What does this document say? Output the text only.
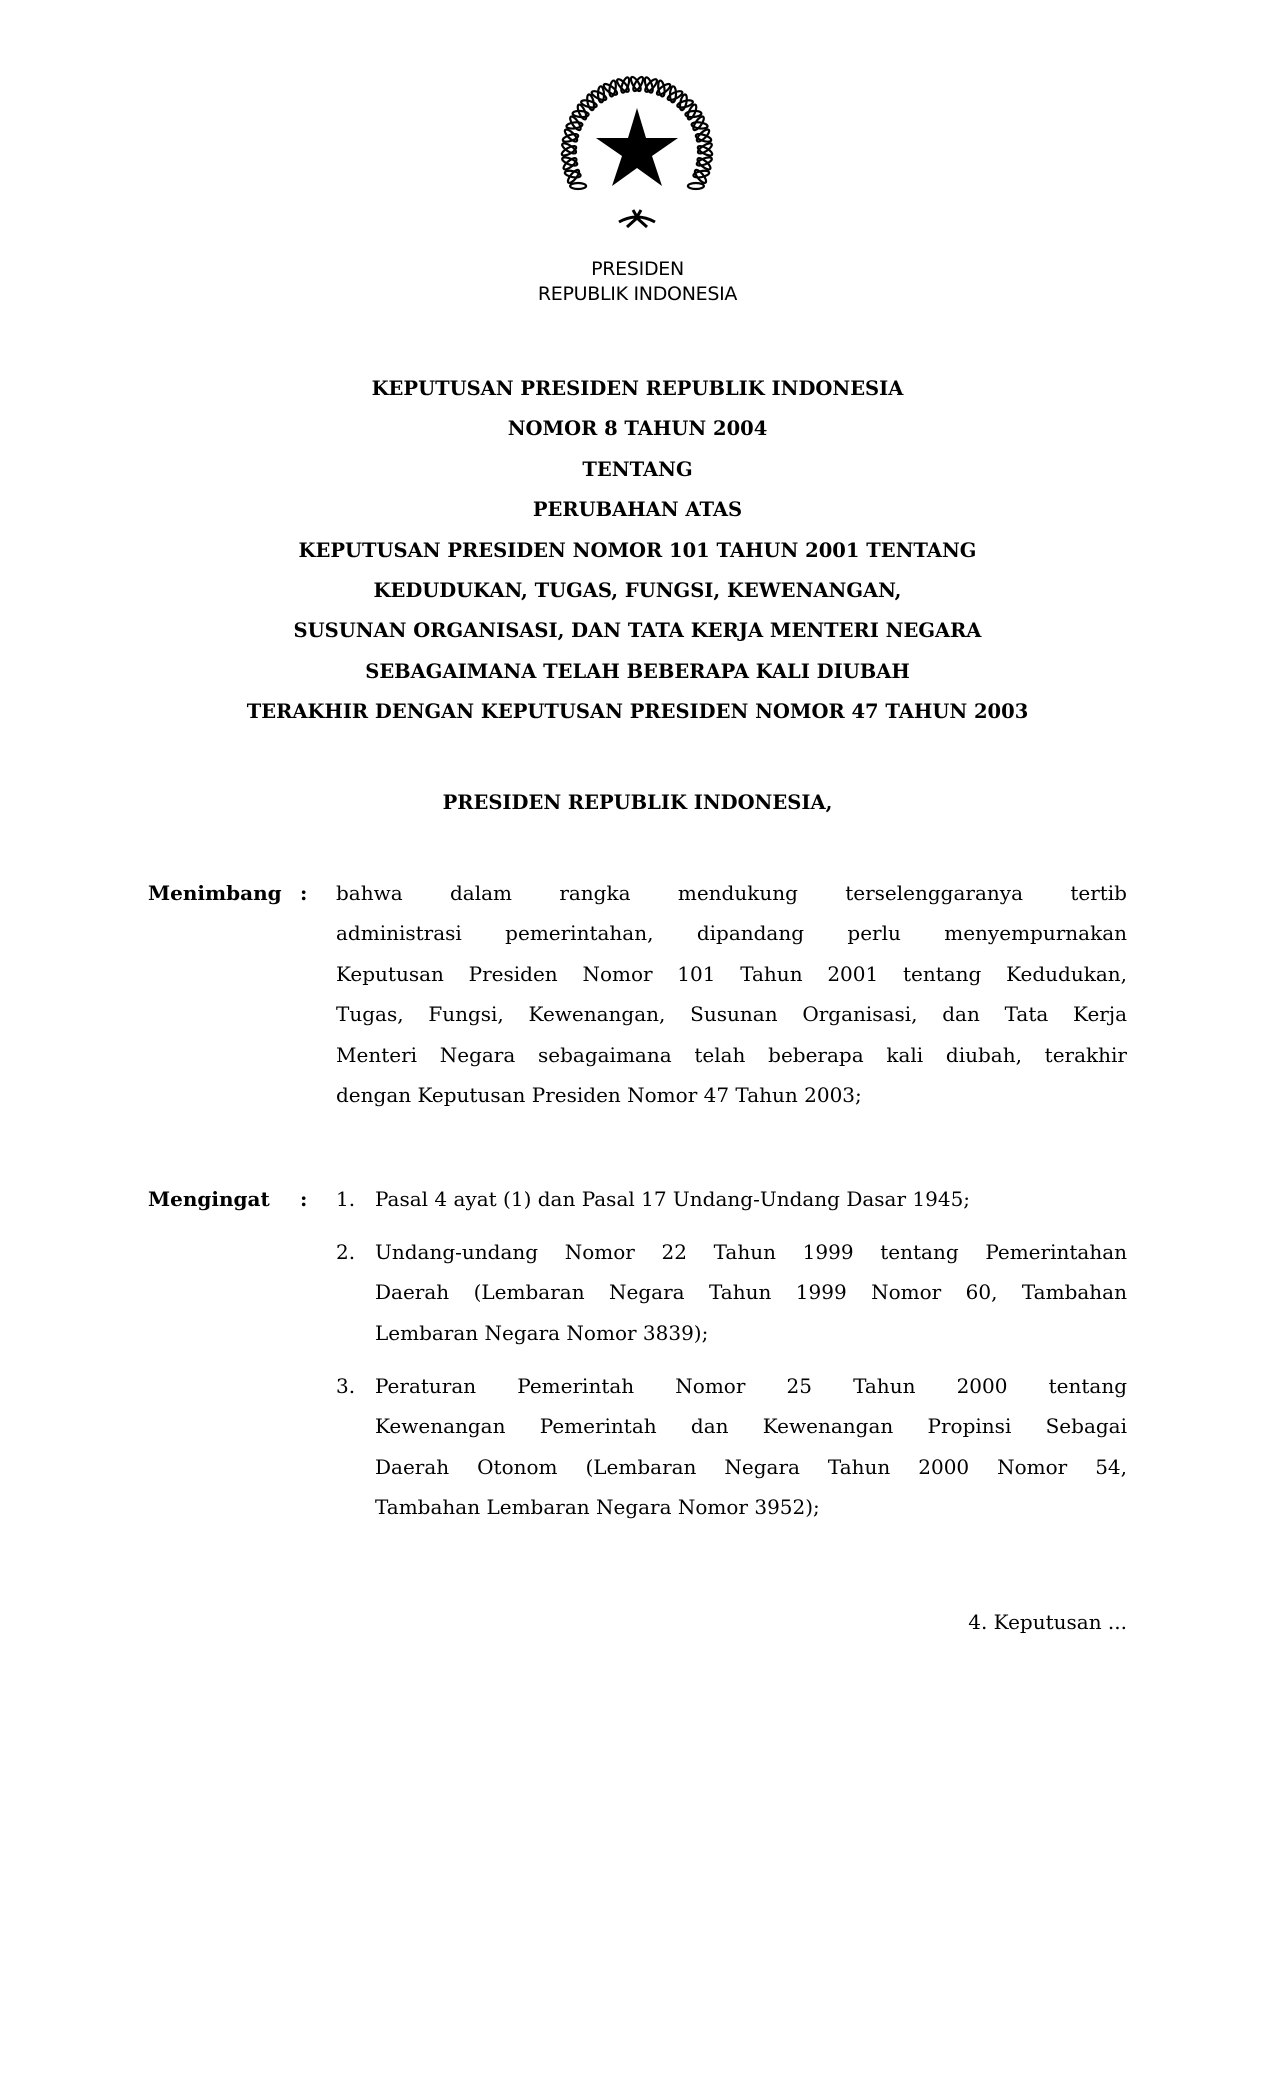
PRESIDEN
REPUBLIK INDONESIA
KEPUTUSAN PRESIDEN REPUBLIK INDONESIA
NOMOR 8 TAHUN 2004
TENTANG
PERUBAHAN ATAS
KEPUTUSAN PRESIDEN NOMOR 101 TAHUN 2001 TENTANG
KEDUDUKAN, TUGAS, FUNGSI, KEWENANGAN,
SUSUNAN ORGANISASI, DAN TATA KERJA MENTERI NEGARA
SEBAGAIMANA TELAH BEBERAPA KALI DIUBAH
TERAKHIR DENGAN KEPUTUSAN PRESIDEN NOMOR 47 TAHUN 2003
PRESIDEN REPUBLIK INDONESIA,
Menimbang : bahwa dalam rangka mendukung terselenggaranya tertib
administrasi pemerintahan, dipandang perlu menyempurnakan
Keputusan Presiden Nomor 101 Tahun 2001 tentang Kedudukan,
Tugas, Fungsi, Kewenangan, Susunan Organisasi, dan Tata Kerja
Menteri Negara sebagaimana telah beberapa kali diubah, terakhir
dengan Keputusan Presiden Nomor 47 Tahun 2003;
Mengingat : 1. Pasal 4 ayat (1) dan Pasal 17 Undang-Undang Dasar 1945;
2. Undang-undang Nomor 22 Tahun 1999 tentang Pemerintahan
Daerah (Lembaran Negara Tahun 1999 Nomor 60, Tambahan
Lembaran Negara Nomor 3839);
3. Peraturan Pemerintah Nomor 25 Tahun 2000 tentang
Kewenangan Pemerintah dan Kewenangan Propinsi Sebagai
Daerah Otonom (Lembaran Negara Tahun 2000 Nomor 54,
Tambahan Lembaran Negara Nomor 3952);
4. Keputusan ...
